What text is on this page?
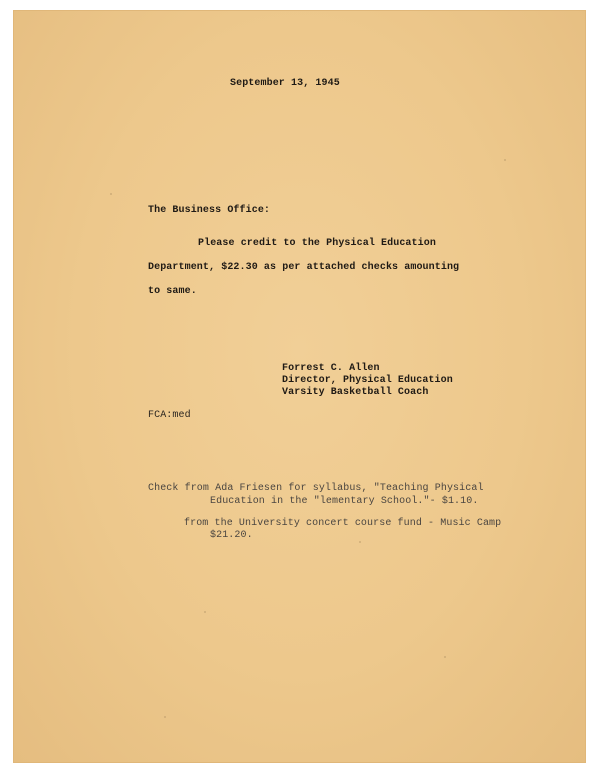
September 13, 1945
The Business Office:
Please credit to the Physical Education
Department, $22.30 as per attached checks amounting
to same.
Forrest C. Allen
Director, Physical Education
Varsity Basketball Coach
FCA:med
Check from Ada Friesen for syllabus, "Teaching Physical
Education in the "lementary School."- $1.10.
from the University concert course fund - Music Camp
$21.20.
